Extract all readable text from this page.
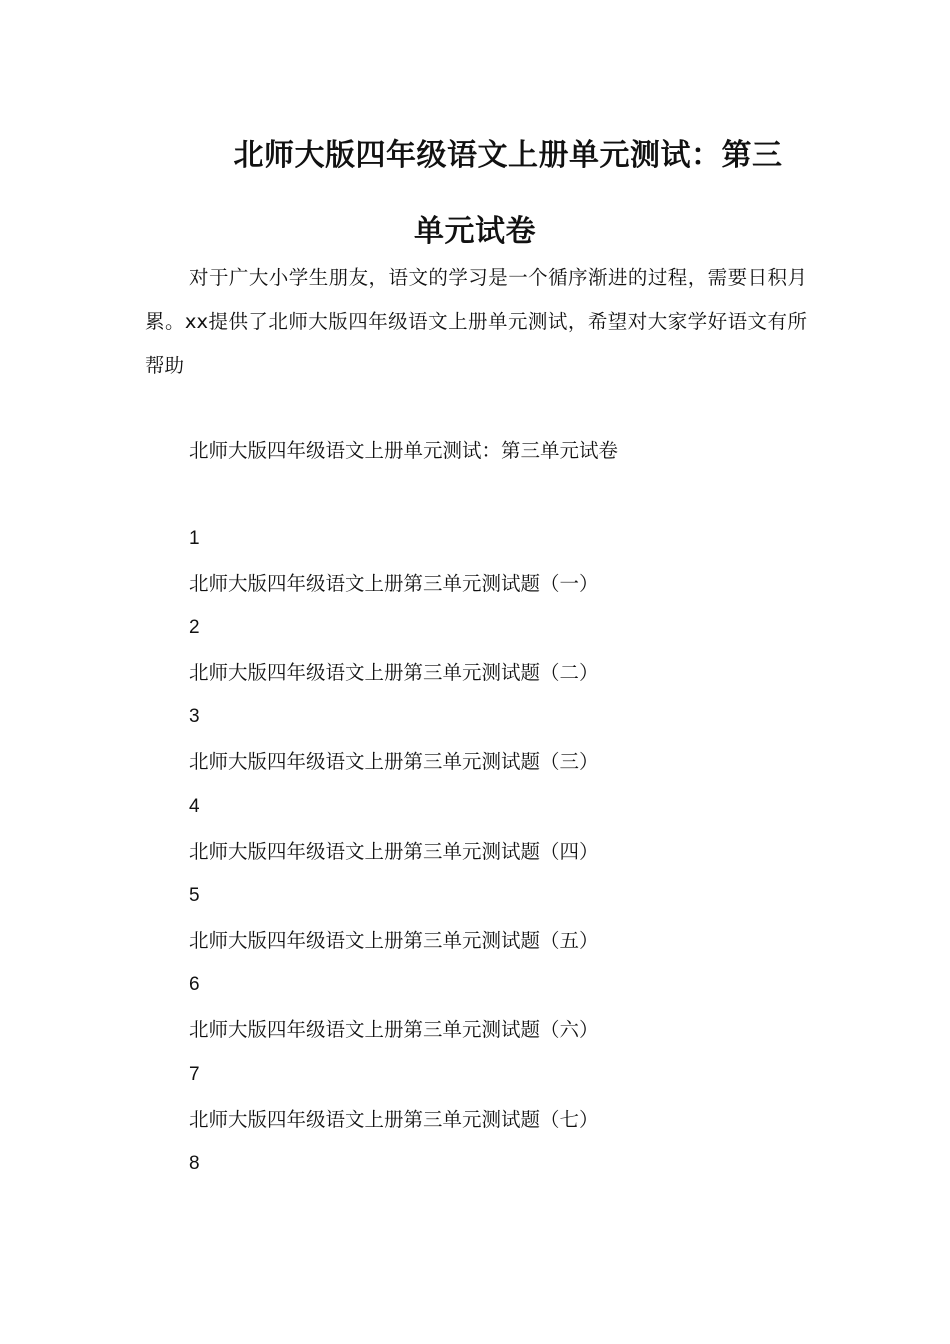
北师大版四年级语文上册单元测试：第三
单元试卷

对于广大小学生朋友，语文的学习是一个循序渐进的过程，需要日积月累。xx提供了北师大版四年级语文上册单元测试，希望对大家学好语文有所帮助

北师大版四年级语文上册单元测试：第三单元试卷

1

北师大版四年级语文上册第三单元测试题（一）

2

北师大版四年级语文上册第三单元测试题（二）

3

北师大版四年级语文上册第三单元测试题（三）

4

北师大版四年级语文上册第三单元测试题（四）

5

北师大版四年级语文上册第三单元测试题（五）

6

北师大版四年级语文上册第三单元测试题（六）

7

北师大版四年级语文上册第三单元测试题（七）

8
